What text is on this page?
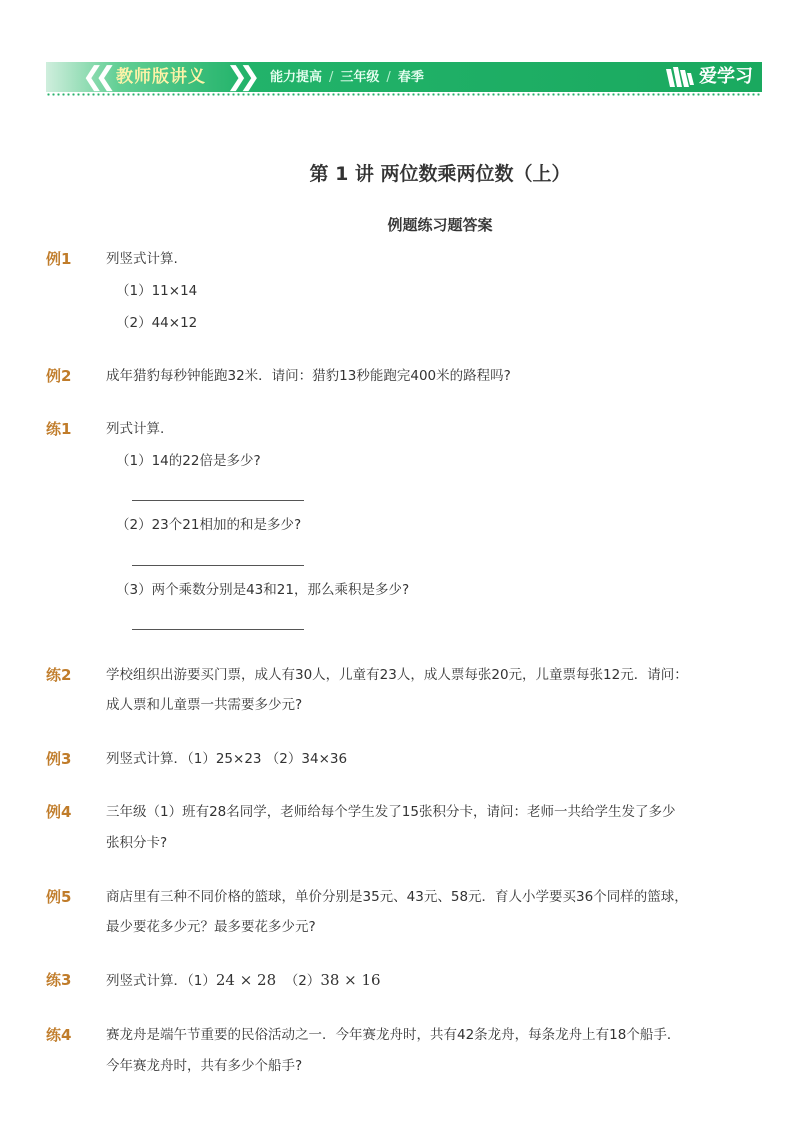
❮❮ 教师版讲义 ❯❯ 能力提高 / 三年级 / 春季	爱学习
第 1 讲 两位数乘两位数（上）
例题练习题答案
例1	列竖式计算.
（1）11×14
（2）44×12
例2	成年猎豹每秒钟能跑32米．请问：猎豹13秒能跑完400米的路程吗?
练1	列式计算.
（1）14的22倍是多少?
（2）23个21相加的和是多少?
（3）两个乘数分别是43和21，那么乘积是多少?
练2	学校组织出游要买门票，成人有30人，儿童有23人，成人票每张20元，儿童票每张12元．请问：
成人票和儿童票一共需要多少元?
例3	列竖式计算．（1）25×23 （2）34×36
例4	三年级（1）班有28名同学，老师给每个学生发了15张积分卡，请问：老师一共给学生发了多少
张积分卡?
例5	商店里有三种不同价格的篮球，单价分别是35元、43元、58元．育人小学要买36个同样的篮球，
最少要花多少元？最多要花多少元?
练3	列竖式计算．（1）24 × 28 （2）38 × 16
练4	赛龙舟是端午节重要的民俗活动之一．今年赛龙舟时，共有42条龙舟，每条龙舟上有18个船手．
今年赛龙舟时，共有多少个船手?
